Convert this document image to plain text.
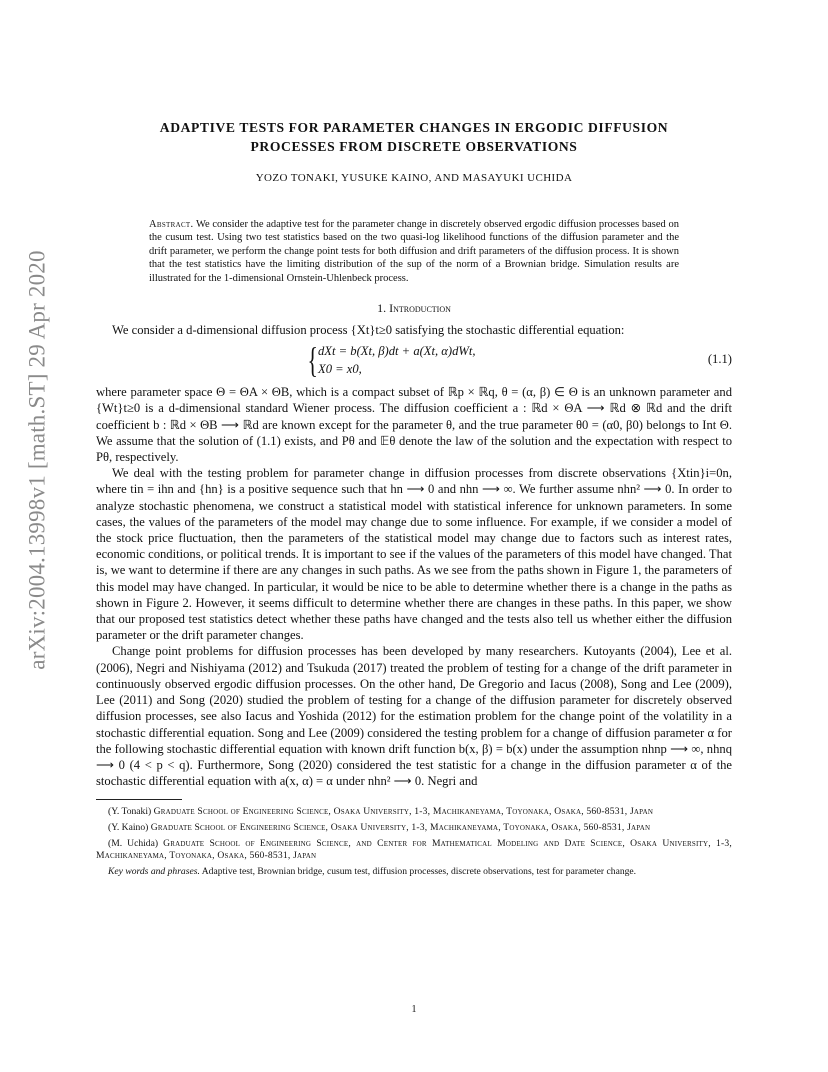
arXiv:2004.13998v1 [math.ST] 29 Apr 2020
ADAPTIVE TESTS FOR PARAMETER CHANGES IN ERGODIC DIFFUSION
PROCESSES FROM DISCRETE OBSERVATIONS
YOZO TONAKI, YUSUKE KAINO, AND MASAYUKI UCHIDA
Abstract. We consider the adaptive test for the parameter change in discretely observed ergodic diffusion processes based on the cusum test. Using two test statistics based on the two quasi-log likelihood functions of the diffusion parameter and the drift parameter, we perform the change point tests for both diffusion and drift parameters of the diffusion process. It is shown that the test statistics have the limiting distribution of the sup of the norm of a Brownian bridge. Simulation results are illustrated for the 1-dimensional Ornstein-Uhlenbeck process.
1. Introduction

We consider a d-dimensional diffusion process {Xt}t≥0 satisfying the stochastic differential equation:

{ dXt = b(Xt, β)dt + a(Xt, α)dWt,
X0 = x0,
(1.1)

where parameter space Θ = ΘA × ΘB, which is a compact subset of ℝp × ℝq, θ = (α, β) ∈ Θ is an unknown parameter and {Wt}t≥0 is a d-dimensional standard Wiener process. The diffusion coefficient a : ℝd × ΘA ⟶ ℝd ⊗ ℝd and the drift coefficient b : ℝd × ΘB ⟶ ℝd are known except for the parameter θ, and the true parameter θ0 = (α0, β0) belongs to Int Θ. We assume that the solution of (1.1) exists, and Pθ and 𝔼θ denote the law of the solution and the expectation with respect to Pθ, respectively.

We deal with the testing problem for parameter change in diffusion processes from discrete observations {Xtin}i=0n, where tin = ihn and {hn} is a positive sequence such that hn ⟶ 0 and nhn ⟶ ∞. We further assume nhn² ⟶ 0. In order to analyze stochastic phenomena, we construct a statistical model with statistical inference for unknown parameters. In some cases, the values of the parameters of the model may change due to some influence. For example, if we consider a model of the stock price fluctuation, then the parameters of the statistical model may change due to factors such as interest rates, economic conditions, or political trends. It is important to see if the values of the parameters of this model have changed. That is, we want to determine if there are any changes in such paths. As we see from the paths shown in Figure 1, the parameters of this model may have changed. In particular, it would be nice to be able to determine whether there is a change in the paths as shown in Figure 2. However, it seems difficult to determine whether there are changes in these paths. In this paper, we show that our proposed test statistics detect whether these paths have changed and the tests also tell us whether either the diffusion parameter or the drift parameter changes.

Change point problems for diffusion processes has been developed by many researchers. Kutoyants (2004), Lee et al. (2006), Negri and Nishiyama (2012) and Tsukuda (2017) treated the problem of testing for a change of the drift parameter in continuously observed ergodic diffusion processes. On the other hand, De Gregorio and Iacus (2008), Song and Lee (2009), Lee (2011) and Song (2020) studied the problem of testing for a change of the diffusion parameter for discretely observed diffusion processes, see also Iacus and Yoshida (2012) for the estimation problem for the change point of the volatility in a stochastic differential equation. Song and Lee (2009) considered the testing problem for a change of diffusion parameter α for the following stochastic differential equation with known drift function b(x, β) = b(x) under the assumption nhnp ⟶ ∞, nhnq ⟶ 0 (4 < p < q). Furthermore, Song (2020) considered the test statistic for a change in the diffusion parameter α of the stochastic differential equation with a(x, α) = α under nhn² ⟶ 0. Negri and

(Y. Tonaki) Graduate School of Engineering Science, Osaka University, 1-3, Machikaneyama, Toyonaka, Osaka, 560-8531, Japan

(Y. Kaino) Graduate School of Engineering Science, Osaka University, 1-3, Machikaneyama, Toyonaka, Osaka, 560-8531, Japan

(M. Uchida) Graduate School of Engineering Science, and Center for Mathematical Modeling and Date Science, Osaka University, 1-3, Machikaneyama, Toyonaka, Osaka, 560-8531, Japan

Key words and phrases. Adaptive test, Brownian bridge, cusum test, diffusion processes, discrete observations, test for parameter change.

1
